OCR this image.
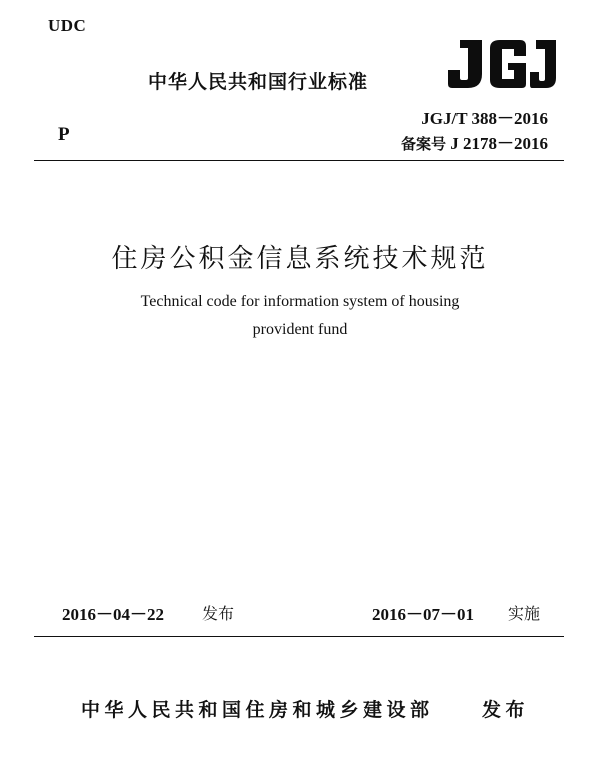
UDC

中华人民共和国行业标准

P

JGJ/T 388－2016

备案号 J 2178－2016

住房公积金信息系统技术规范

Technical code for information system of housing

provident fund

2016－04－22 发布	2016－07－01 实施

中华人民共和国住房和城乡建设部	发布
